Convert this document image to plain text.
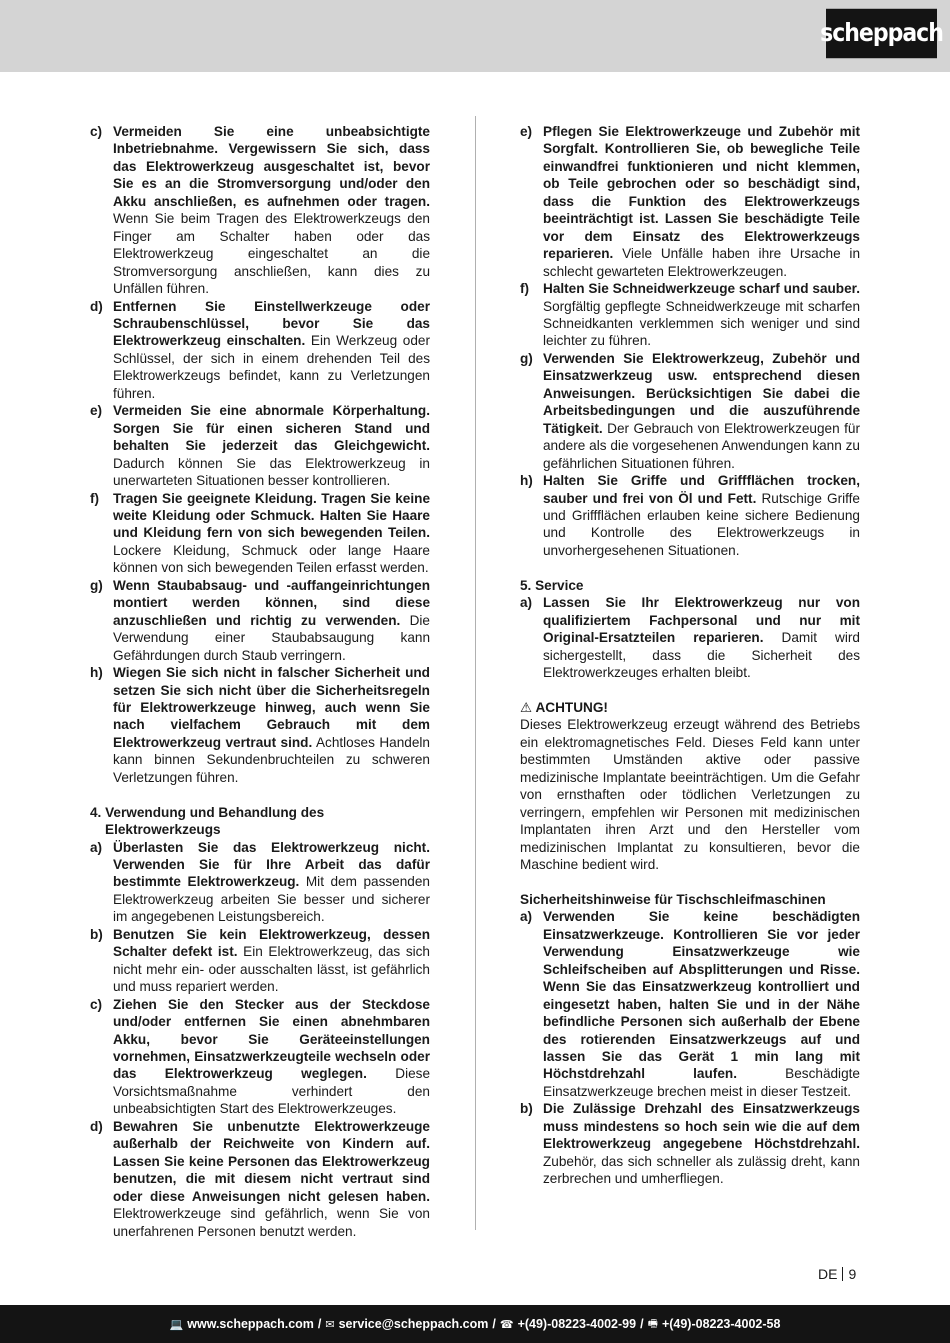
scheppach
c) Vermeiden Sie eine unbeabsichtigte Inbetriebnahme. Vergewissern Sie sich, dass das Elektrowerkzeug ausgeschaltet ist, bevor Sie es an die Stromversorgung und/oder den Akku anschließen, es aufnehmen oder tragen. Wenn Sie beim Tragen des Elektrowerkzeugs den Finger am Schalter haben oder das Elektrowerkzeug eingeschaltet an die Stromversorgung anschließen, kann dies zu Unfällen führen.
d) Entfernen Sie Einstellwerkzeuge oder Schraubenschlüssel, bevor Sie das Elektrowerkzeug einschalten. Ein Werkzeug oder Schlüssel, der sich in einem drehenden Teil des Elektrowerkzeugs befindet, kann zu Verletzungen führen.
e) Vermeiden Sie eine abnormale Körperhaltung. Sorgen Sie für einen sicheren Stand und behalten Sie jederzeit das Gleichgewicht. Dadurch können Sie das Elektrowerkzeug in unerwarteten Situationen besser kontrollieren.
f) Tragen Sie geeignete Kleidung. Tragen Sie keine weite Kleidung oder Schmuck. Halten Sie Haare und Kleidung fern von sich bewegenden Teilen. Lockere Kleidung, Schmuck oder lange Haare können von sich bewegenden Teilen erfasst werden.
g) Wenn Staubabsaug- und -auffangeinrichtungen montiert werden können, sind diese anzuschließen und richtig zu verwenden. Die Verwendung einer Staubabsaugung kann Gefährdungen durch Staub verringern.
h) Wiegen Sie sich nicht in falscher Sicherheit und setzen Sie sich nicht über die Sicherheitsregeln für Elektrowerkzeuge hinweg, auch wenn Sie nach vielfachem Gebrauch mit dem Elektrowerkzeug vertraut sind. Achtloses Handeln kann binnen Sekundenbruchteilen zu schweren Verletzungen führen.
4. Verwendung und Behandlung des Elektrowerkzeugs
a) Überlasten Sie das Elektrowerkzeug nicht. Verwenden Sie für Ihre Arbeit das dafür bestimmte Elektrowerkzeug. Mit dem passenden Elektrowerkzeug arbeiten Sie besser und sicherer im angegebenen Leistungsbereich.
b) Benutzen Sie kein Elektrowerkzeug, dessen Schalter defekt ist. Ein Elektrowerkzeug, das sich nicht mehr ein- oder ausschalten lässt, ist gefährlich und muss repariert werden.
c) Ziehen Sie den Stecker aus der Steckdose und/oder entfernen Sie einen abnehmbaren Akku, bevor Sie Geräteeinstellungen vornehmen, Einsatzwerkzeugteile wechseln oder das Elektrowerkzeug weglegen. Diese Vorsichtsmaßnahme verhindert den unbeabsichtigten Start des Elektrowerkzeuges.
d) Bewahren Sie unbenutzte Elektrowerkzeuge außerhalb der Reichweite von Kindern auf. Lassen Sie keine Personen das Elektrowerkzeug benutzen, die mit diesem nicht vertraut sind oder diese Anweisungen nicht gelesen haben. Elektrowerkzeuge sind gefährlich, wenn Sie von unerfahrenen Personen benutzt werden.
e) Pflegen Sie Elektrowerkzeuge und Zubehör mit Sorgfalt. Kontrollieren Sie, ob bewegliche Teile einwandfrei funktionieren und nicht klemmen, ob Teile gebrochen oder so beschädigt sind, dass die Funktion des Elektrowerkzeugs beeinträchtigt ist. Lassen Sie beschädigte Teile vor dem Einsatz des Elektrowerkzeugs reparieren. Viele Unfälle haben ihre Ursache in schlecht gewarteten Elektrowerkzeugen.
f) Halten Sie Schneidwerkzeuge scharf und sauber. Sorgfältig gepflegte Schneidwerkzeuge mit scharfen Schneidkanten verklemmen sich weniger und sind leichter zu führen.
g) Verwenden Sie Elektrowerkzeug, Zubehör und Einsatzwerkzeug usw. entsprechend diesen Anweisungen. Berücksichtigen Sie dabei die Arbeitsbedingungen und die auszuführende Tätigkeit. Der Gebrauch von Elektrowerkzeugen für andere als die vorgesehenen Anwendungen kann zu gefährlichen Situationen führen.
h) Halten Sie Griffe und Griffflächen trocken, sauber und frei von Öl und Fett. Rutschige Griffe und Griffflächen erlauben keine sichere Bedienung und Kontrolle des Elektrowerkzeugs in unvorhergesehenen Situationen.
5. Service
a) Lassen Sie Ihr Elektrowerkzeug nur von qualifiziertem Fachpersonal und nur mit Original-Ersatzteilen reparieren. Damit wird sichergestellt, dass die Sicherheit des Elektrowerkzeuges erhalten bleibt.
⚠ ACHTUNG!
Dieses Elektrowerkzeug erzeugt während des Betriebs ein elektromagnetisches Feld. Dieses Feld kann unter bestimmten Umständen aktive oder passive medizinische Implantate beeinträchtigen. Um die Gefahr von ernsthaften oder tödlichen Verletzungen zu verringern, empfehlen wir Personen mit medizinischen Implantaten ihren Arzt und den Hersteller vom medizinischen Implantat zu konsultieren, bevor die Maschine bedient wird.
Sicherheitshinweise für Tischschleifmaschinen
a) Verwenden Sie keine beschädigten Einsatzwerkzeuge. Kontrollieren Sie vor jeder Verwendung Einsatzwerkzeuge wie Schleifscheiben auf Absplitterungen und Risse. Wenn Sie das Einsatzwerkzeug kontrolliert und eingesetzt haben, halten Sie und in der Nähe befindliche Personen sich außerhalb der Ebene des rotierenden Einsatzwerkzeugs auf und lassen Sie das Gerät 1 min lang mit Höchstdrehzahl laufen. Beschädigte Einsatzwerkzeuge brechen meist in dieser Testzeit.
b) Die Zulässige Drehzahl des Einsatzwerkzeugs muss mindestens so hoch sein wie die auf dem Elektrowerkzeug angegebene Höchstdrehzahl. Zubehör, das sich schneller als zulässig dreht, kann zerbrechen und umherfliegen.
DE 9
💻 www.scheppach.com / ✉ service@scheppach.com / ☎ +(49)-08223-4002-99 / 🖷 +(49)-08223-4002-58
